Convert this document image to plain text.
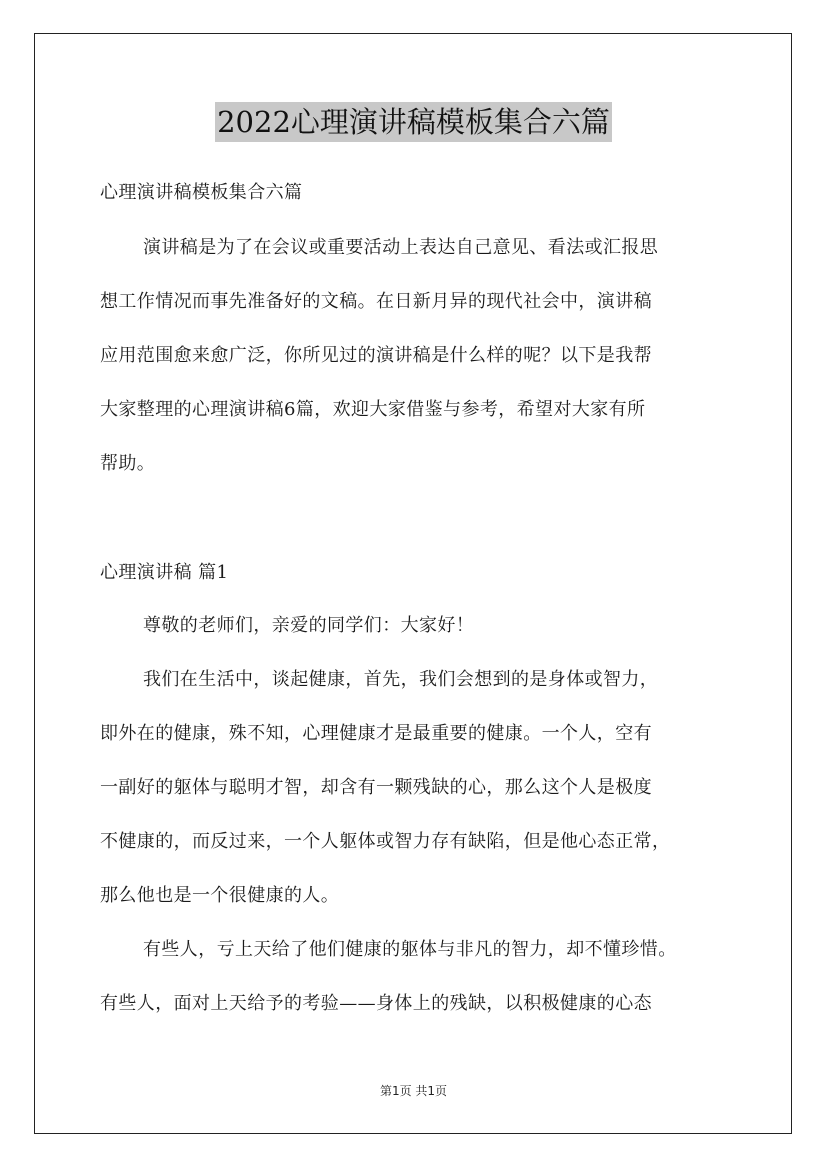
2022心理演讲稿模板集合六篇
心理演讲稿模板集合六篇
演讲稿是为了在会议或重要活动上表达自己意见、看法或汇报思
想工作情况而事先准备好的文稿。在日新月异的现代社会中，演讲稿
应用范围愈来愈广泛，你所见过的演讲稿是什么样的呢？以下是我帮
大家整理的心理演讲稿6篇，欢迎大家借鉴与参考，希望对大家有所
帮助。
心理演讲稿 篇1
尊敬的老师们，亲爱的同学们：大家好！
我们在生活中，谈起健康，首先，我们会想到的是身体或智力，
即外在的健康，殊不知，心理健康才是最重要的健康。一个人，空有
一副好的躯体与聪明才智，却含有一颗残缺的心，那么这个人是极度
不健康的，而反过来，一个人躯体或智力存有缺陷，但是他心态正常，
那么他也是一个很健康的人。
有些人，亏上天给了他们健康的躯体与非凡的智力，却不懂珍惜。
有些人，面对上天给予的考验——身体上的残缺，以积极健康的心态
第1页 共1页
